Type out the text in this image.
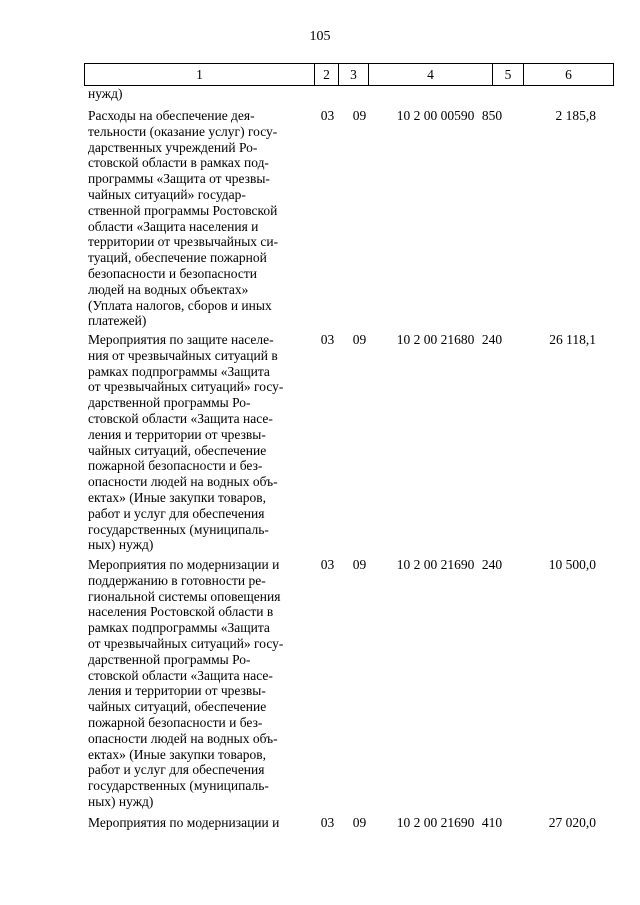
105
1	2	3	4	5	6
нужд)
Расходы на обеспечение дея-
тельности (оказание услуг) госу-
дарственных учреждений Ро-
стовской области в рамках под-
программы «Защита от чрезвы-
чайных ситуаций» государ-
ственной программы Ростовской
области «Защита населения и
территории от чрезвычайных си-
туаций, обеспечение пожарной
безопасности и безопасности
людей на водных объектах»
(Уплата налогов, сборов и иных
платежей)
03	09	10 2 00 00590 850	2 185,8
Мероприятия по защите населе-
ния от чрезвычайных ситуаций в
рамках подпрограммы «Защита
от чрезвычайных ситуаций» госу-
дарственной программы Ро-
стовской области «Защита насе-
ления и территории от чрезвы-
чайных ситуаций, обеспечение
пожарной безопасности и без-
опасности людей на водных объ-
ектах» (Иные закупки товаров,
работ и услуг для обеспечения
государственных (муниципаль-
ных) нужд)
03	09	10 2 00 21680 240	26 118,1
Мероприятия по модернизации и
поддержанию в готовности ре-
гиональной системы оповещения
населения Ростовской области в
рамках подпрограммы «Защита
от чрезвычайных ситуаций» госу-
дарственной программы Ро-
стовской области «Защита насе-
ления и территории от чрезвы-
чайных ситуаций, обеспечение
пожарной безопасности и без-
опасности людей на водных объ-
ектах» (Иные закупки товаров,
работ и услуг для обеспечения
государственных (муниципаль-
ных) нужд)
03	09	10 2 00 21690 240	10 500,0
Мероприятия по модернизации и	03	09	10 2 00 21690 410	27 020,0
